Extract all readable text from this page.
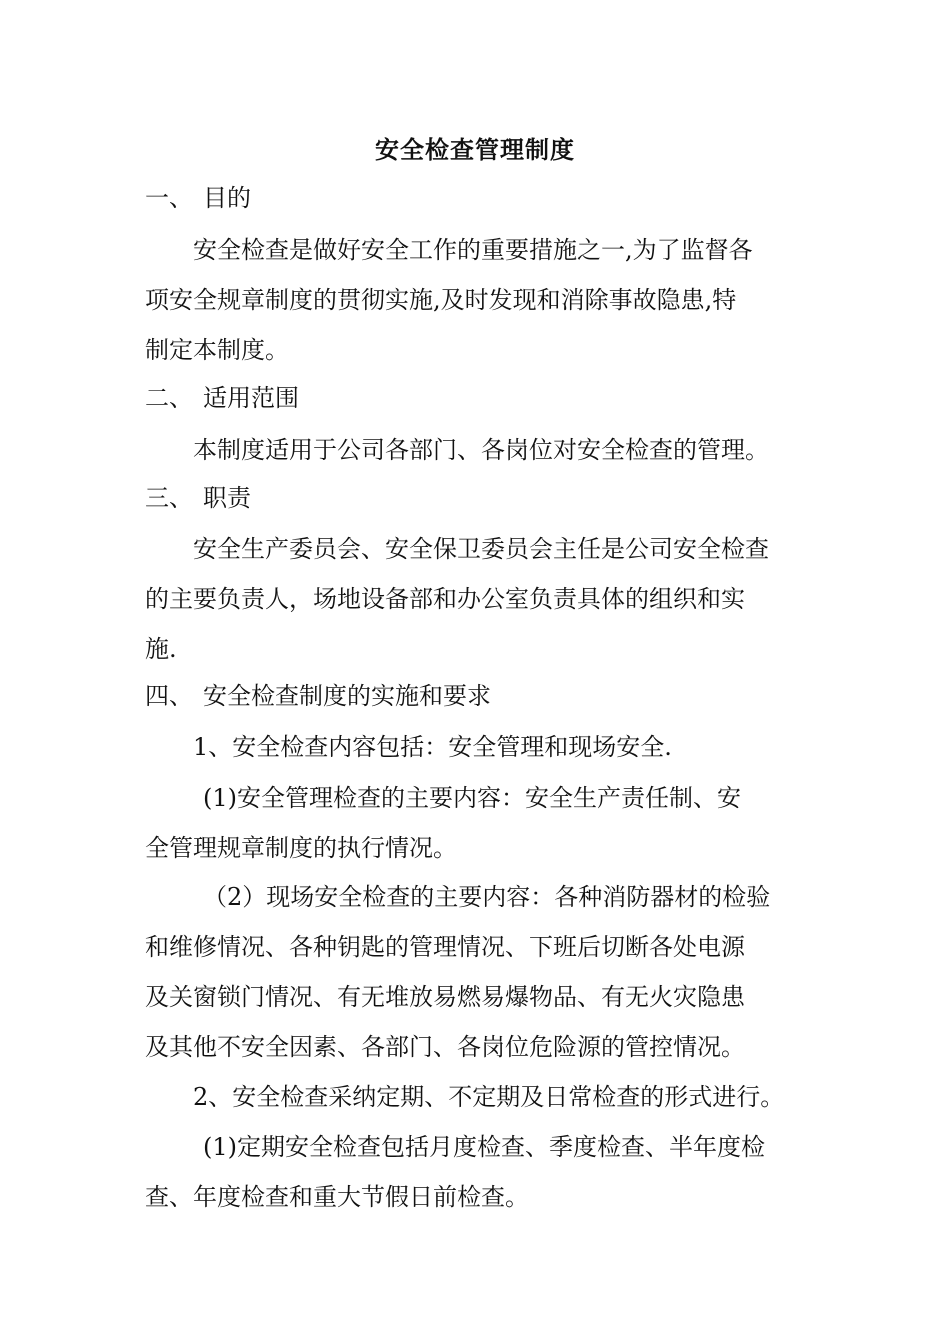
安全检查管理制度
一、 目的
安全检查是做好安全工作的重要措施之一,为了监督各
项安全规章制度的贯彻实施,及时发现和消除事故隐患,特
制定本制度。
二、 适用范围
本制度适用于公司各部门、各岗位对安全检查的管理。
三、 职责
安全生产委员会、安全保卫委员会主任是公司安全检查
的主要负责人，场地设备部和办公室负责具体的组织和实
施.
四、 安全检查制度的实施和要求
1、安全检查内容包括：安全管理和现场安全.
(1)安全管理检查的主要内容：安全生产责任制、安
全管理规章制度的执行情况。
（2）现场安全检查的主要内容：各种消防器材的检验
和维修情况、各种钥匙的管理情况、下班后切断各处电源
及关窗锁门情况、有无堆放易燃易爆物品、有无火灾隐患
及其他不安全因素、各部门、各岗位危险源的管控情况。
2、安全检查采纳定期、不定期及日常检查的形式进行。
(1)定期安全检查包括月度检查、季度检查、半年度检
查、年度检查和重大节假日前检查。
